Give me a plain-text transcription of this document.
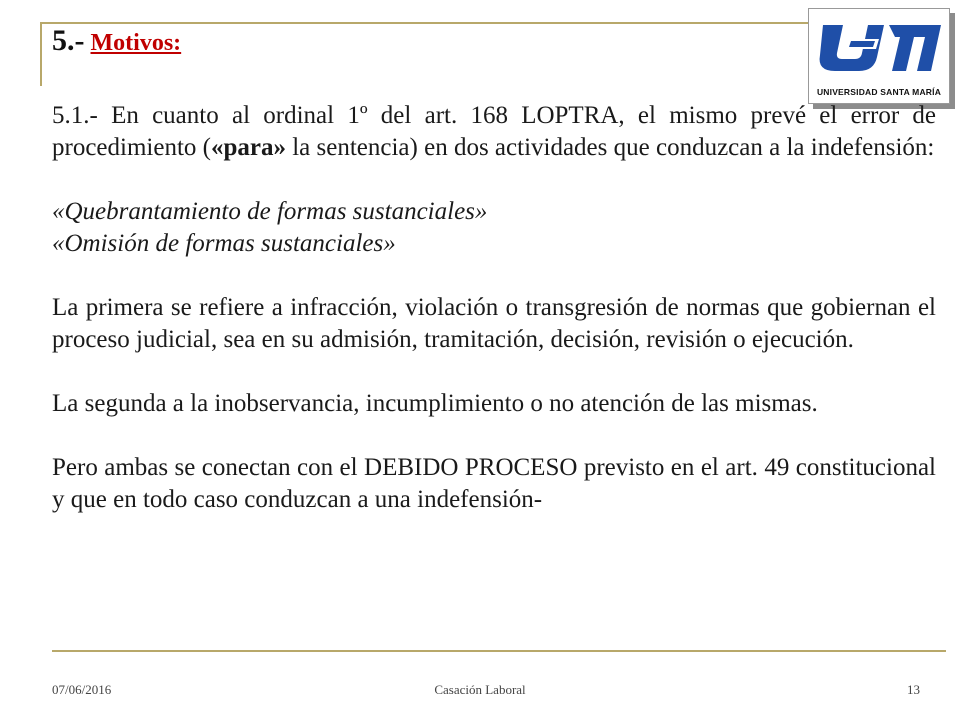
5.- Motivos:
UNIVERSIDAD SANTA MARÍA

5.1.- En cuanto al ordinal 1º del art. 168 LOPTRA, el mismo prevé el error de procedimiento («para» la sentencia) en dos actividades que conduzcan a la indefensión:

«Quebrantamiento de formas sustanciales»

«Omisión de formas sustanciales»

La primera se refiere a infracción, violación o transgresión de normas que gobiernan el proceso judicial, sea en su admisión, tramitación, decisión, revisión o ejecución.

La segunda a la inobservancia, incumplimiento o no atención de las mismas.

Pero ambas se conectan con el DEBIDO PROCESO previsto en el art. 49 constitucional y que en todo caso conduzcan a una indefensión-

07/06/2016	Casación Laboral	13
